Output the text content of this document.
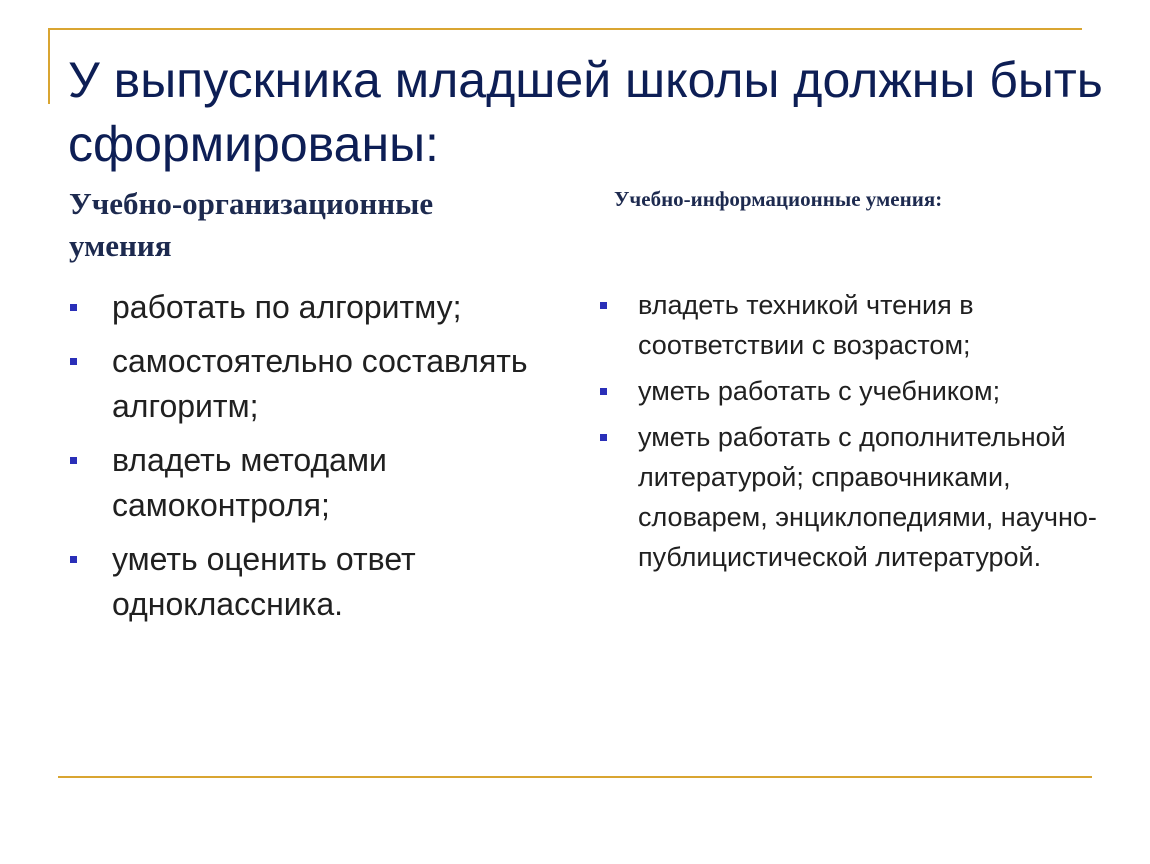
У выпускника младшей школы должны быть сформированы:
Учебно-организационные умения
Учебно-информационные умения:
работать по алгоритму;
самостоятельно составлять алгоритм;
владеть методами самоконтроля;
уметь оценить ответ одноклассника.
владеть техникой чтения в соответствии с возрастом;
уметь работать с учебником;
уметь работать с дополнительной литературой; справочниками, словарем, энциклопедиями, научно-публицистической литературой.
